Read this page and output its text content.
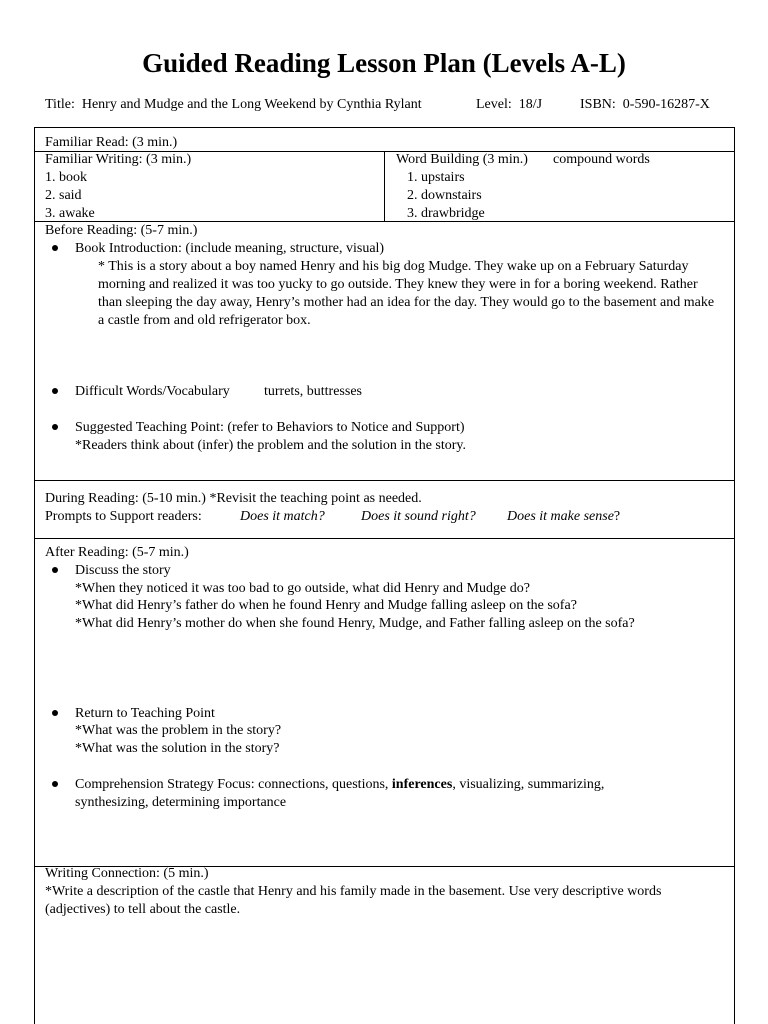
Guided Reading Lesson Plan (Levels A-L)
Title: Henry and Mudge and the Long Weekend by Cynthia Rylant	Level: 18/J	ISBN: 0-590-16287-X
Familiar Read: (3 min.)
Familiar Writing: (3 min.)
1. book
2. said
3. awake
Word Building (3 min.) compound words
1. upstairs
2. downstairs
3. drawbridge
Before Reading: (5-7 min.)
Book Introduction: (include meaning, structure, visual)
* This is a story about a boy named Henry and his big dog Mudge. They wake up on a February Saturday morning and realized it was too yucky to go outside. They knew they were in for a boring weekend. Rather than sleeping the day away, Henry’s mother had an idea for the day. They would go to the basement and make a castle from and old refrigerator box.
Difficult Words/Vocabulary turrets, buttresses
Suggested Teaching Point: (refer to Behaviors to Notice and Support)
*Readers think about (infer) the problem and the solution in the story.
During Reading: (5-10 min.) *Revisit the teaching point as needed.
Prompts to Support readers:	Does it match?	Does it sound right? Does it make sense?
After Reading: (5-7 min.)
Discuss the story
*When they noticed it was too bad to go outside, what did Henry and Mudge do?
*What did Henry’s father do when he found Henry and Mudge falling asleep on the sofa?
*What did Henry’s mother do when she found Henry, Mudge, and Father falling asleep on the sofa?
Return to Teaching Point
*What was the problem in the story?
*What was the solution in the story?
Comprehension Strategy Focus: connections, questions, inferences, visualizing, summarizing,
synthesizing, determining importance
Writing Connection: (5 min.)
*Write a description of the castle that Henry and his family made in the basement. Use very descriptive words (adjectives) to tell about the castle.
